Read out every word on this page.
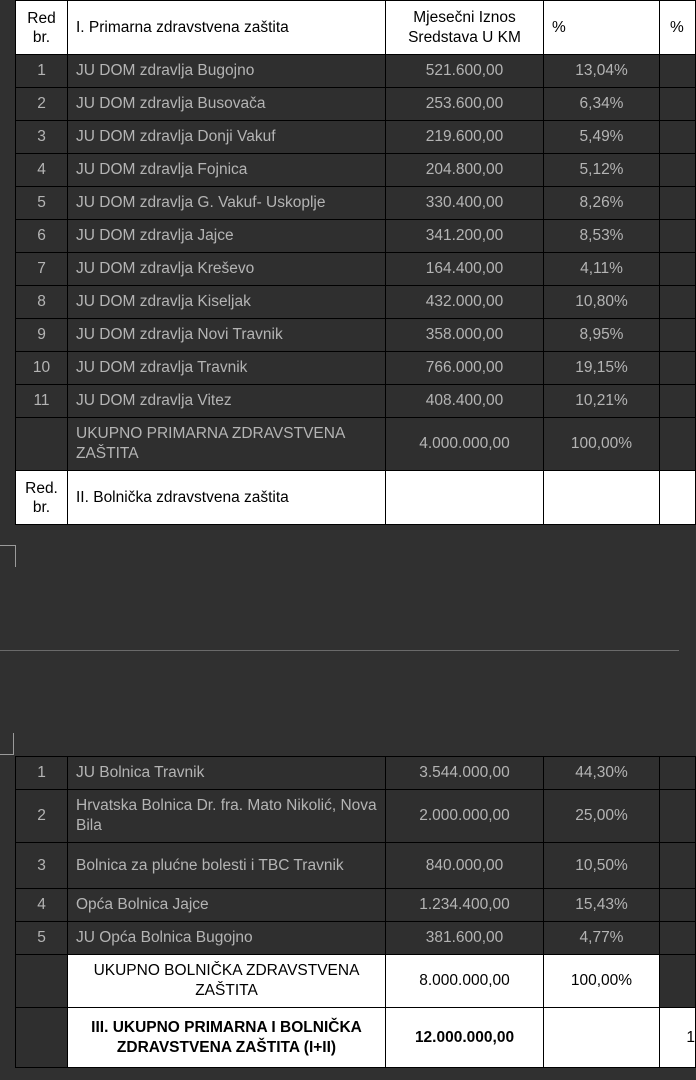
Red br.	I. Primarna zdravstvena zaštita	Mjesečni Iznos Sredstava U KM	%	%
1	JU DOM zdravlja Bugojno	521.600,00	13,04%	
2	JU DOM zdravlja Busovača	253.600,00	6,34%	
3	JU DOM zdravlja Donji Vakuf	219.600,00	5,49%	
4	JU DOM zdravlja Fojnica	204.800,00	5,12%	
5	JU DOM zdravlja G. Vakuf- Uskoplje	330.400,00	8,26%	
6	JU DOM zdravlja Jajce	341.200,00	8,53%	
7	JU DOM zdravlja Kreševo	164.400,00	4,11%	
8	JU DOM zdravlja Kiseljak	432.000,00	10,80%	
9	JU DOM zdravlja Novi Travnik	358.000,00	8,95%	
10	JU DOM zdravlja Travnik	766.000,00	19,15%	
11	JU DOM zdravlja Vitez	408.400,00	10,21%	
	UKUPNO PRIMARNA ZDRAVSTVENA ZAŠTITA	4.000.000,00	100,00%	
Red. br.	II. Bolnička zdravstvena zaštita			
1	JU Bolnica Travnik	3.544.000,00	44,30%	
2	Hrvatska Bolnica Dr. fra. Mato Nikolić, Nova Bila	2.000.000,00	25,00%	
3	Bolnica za plućne bolesti i TBC Travnik	840.000,00	10,50%	
4	Opća Bolnica Jajce	1.234.400,00	15,43%	
5	JU Opća Bolnica Bugojno	381.600,00	4,77%	
	UKUPNO BOLNIČKA ZDRAVSTVENA ZAŠTITA	8.000.000,00	100,00%	
	III. UKUPNO PRIMARNA I BOLNIČKA ZDRAVSTVENA ZAŠTITA (I+II)	12.000.000,00		1
